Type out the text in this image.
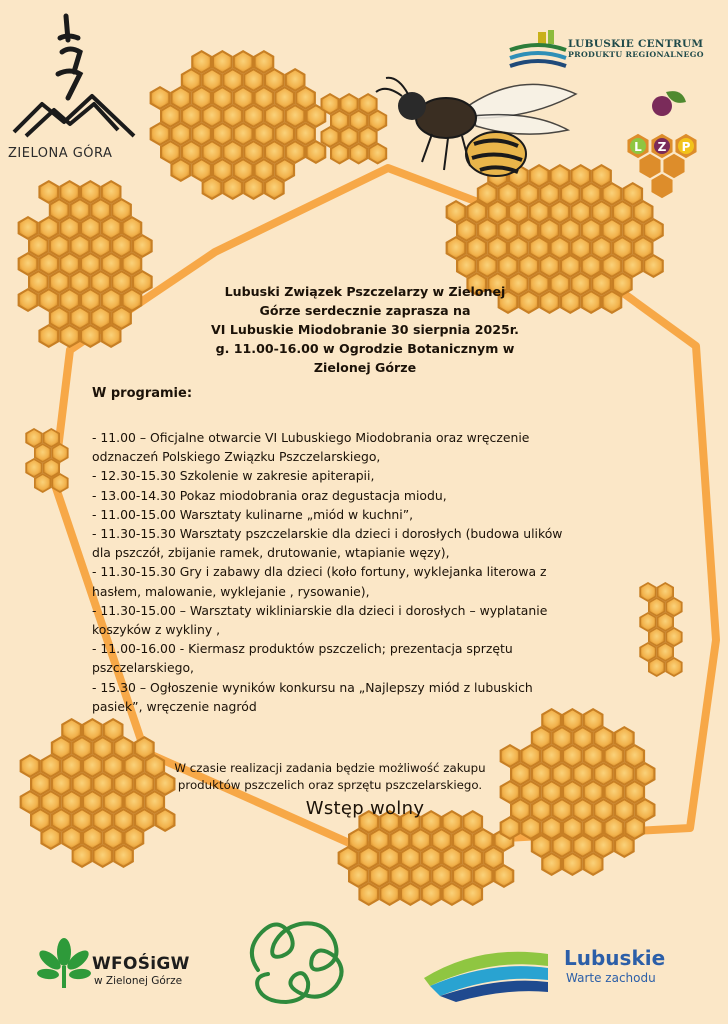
ZIELONA GÓRA
LUBUSKIE CENTRUM
PRODUKTU REGIONALNEGO
L Z P
Lubuski Związek Pszczelarzy w Zielonej
Górze serdecznie zaprasza na
VI Lubuskie Miodobranie 30 sierpnia 2025r.
g. 11.00-16.00 w Ogrodzie Botanicznym w
Zielonej Górze
W programie:
- 11.00 – Oficjalne otwarcie VI Lubuskiego Miodobrania oraz wręczenie
odznaczeń Polskiego Związku Pszczelarskiego,
- 12.30-15.30 Szkolenie w zakresie apiterapii,
- 13.00-14.30 Pokaz miodobrania oraz degustacja miodu,
- 11.00-15.00 Warsztaty kulinarne „miód w kuchni”,
- 11.30-15.30 Warsztaty pszczelarskie dla dzieci i dorosłych (budowa ulików
dla pszczół, zbijanie ramek, drutowanie, wtapianie węzy),
- 11.30-15.30 Gry i zabawy dla dzieci (koło fortuny, wyklejanka literowa z
hasłem, malowanie, wyklejanie , rysowanie),
- 11.30-15.00 – Warsztaty wikliniarskie dla dzieci i dorosłych – wyplatanie
koszyków z wykliny ,
- 11.00-16.00 - Kiermasz produktów pszczelich; prezentacja sprzętu
pszczelarskiego,
- 15.30 – Ogłoszenie wyników konkursu na „Najlepszy miód z lubuskich
pasiek”, wręczenie nagród
W czasie realizacji zadania będzie możliwość zakupu
produktów pszczelich oraz sprzętu pszczelarskiego.
Wstęp wolny
WFOŚiGW
w Zielonej Górze
Lubuskie
Warte zachodu
